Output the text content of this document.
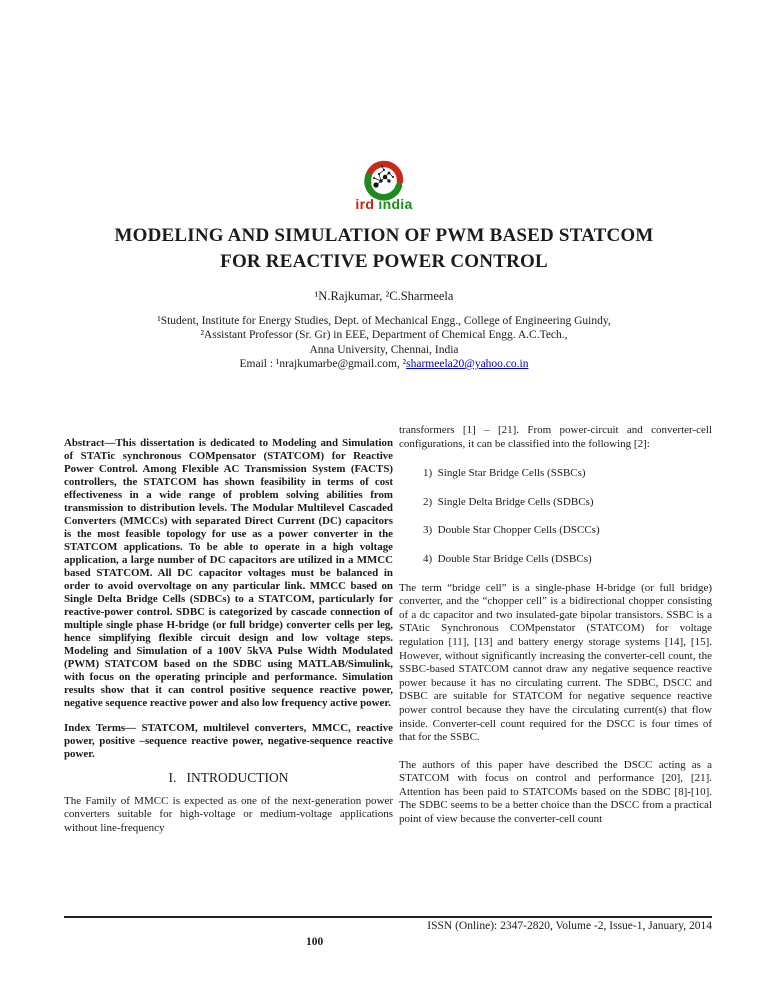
ird india
MODELING AND SIMULATION OF PWM BASED STATCOM
FOR REACTIVE POWER CONTROL
¹N.Rajkumar, ²C.Sharmeela
¹Student, Institute for Energy Studies, Dept. of Mechanical Engg., College of Engineering Guindy,
²Assistant Professor (Sr. Gr) in EEE, Department of Chemical Engg. A.C.Tech.,
Anna University, Chennai, India
Email : ¹nrajkumarbe@gmail.com, ²sharmeela20@yahoo.co.in
Abstract—This dissertation is dedicated to Modeling and Simulation of STATic synchronous COMpensator (STATCOM) for Reactive Power Control. Among Flexible AC Transmission System (FACTS) controllers, the STATCOM has shown feasibility in terms of cost effectiveness in a wide range of problem solving abilities from transmission to distribution levels. The Modular Multilevel Cascaded Converters (MMCCs) with separated Direct Current (DC) capacitors is the most feasible topology for use as a power converter in the STATCOM applications. To be able to operate in a high voltage application, a large number of DC capacitors are utilized in a MMCC based STATCOM. All DC capacitor voltages must be balanced in order to avoid overvoltage on any particular link. MMCC based on Single Delta Bridge Cells (SDBCs) to a STATCOM, particularly for reactive-power control. SDBC is categorized by cascade connection of multiple single phase H-bridge (or full bridge) converter cells per leg, hence simplifying flexible circuit design and low voltage steps. Modeling and Simulation of a 100V 5kVA Pulse Width Modulated (PWM) STATCOM based on the SDBC using MATLAB/Simulink, with focus on the operating principle and performance. Simulation results show that it can control positive sequence reactive power, negative sequence reactive power and also low frequency active power.
Index Terms— STATCOM, multilevel converters, MMCC, reactive power, positive –sequence reactive power, negative-sequence reactive power.
I.   INTRODUCTION
The Family of MMCC is expected as one of the next-generation power converters suitable for high-voltage or medium-voltage applications without line-frequency
transformers [1] – [21]. From power-circuit and converter-cell configurations, it can be classified into the following [2]:
1)  Single Star Bridge Cells (SSBCs)
2)  Single Delta Bridge Cells (SDBCs)
3)  Double Star Chopper Cells (DSCCs)
4)  Double Star Bridge Cells (DSBCs)
The term “bridge cell” is a single-phase H-bridge (or full bridge) converter, and the “chopper cell” is a bidirectional chopper consisting of a dc capacitor and two insulated-gate bipolar transistors. SSBC is a STAtic Synchronous COMpenstator (STATCOM) for voltage regulation [11], [13] and battery energy storage systems [14], [15]. However, without significantly increasing the converter-cell count, the SSBC-based STATCOM cannot draw any negative sequence reactive power because it has no circulating current. The SDBC, DSCC and DSBC are suitable for STATCOM for negative sequence reactive power control because they have the circulating current(s) that flow inside. Converter-cell count required for the DSCC is four times of that for the SSBC.
The authors of this paper have described the DSCC acting as a STATCOM with focus on control and performance [20], [21]. Attention has been paid to STATCOMs based on the SDBC [8]-[10]. The SDBC seems to be a better choice than the DSCC from a practical point of view because the converter-cell count
ISSN (Online): 2347-2820, Volume -2, Issue-1, January, 2014
100
